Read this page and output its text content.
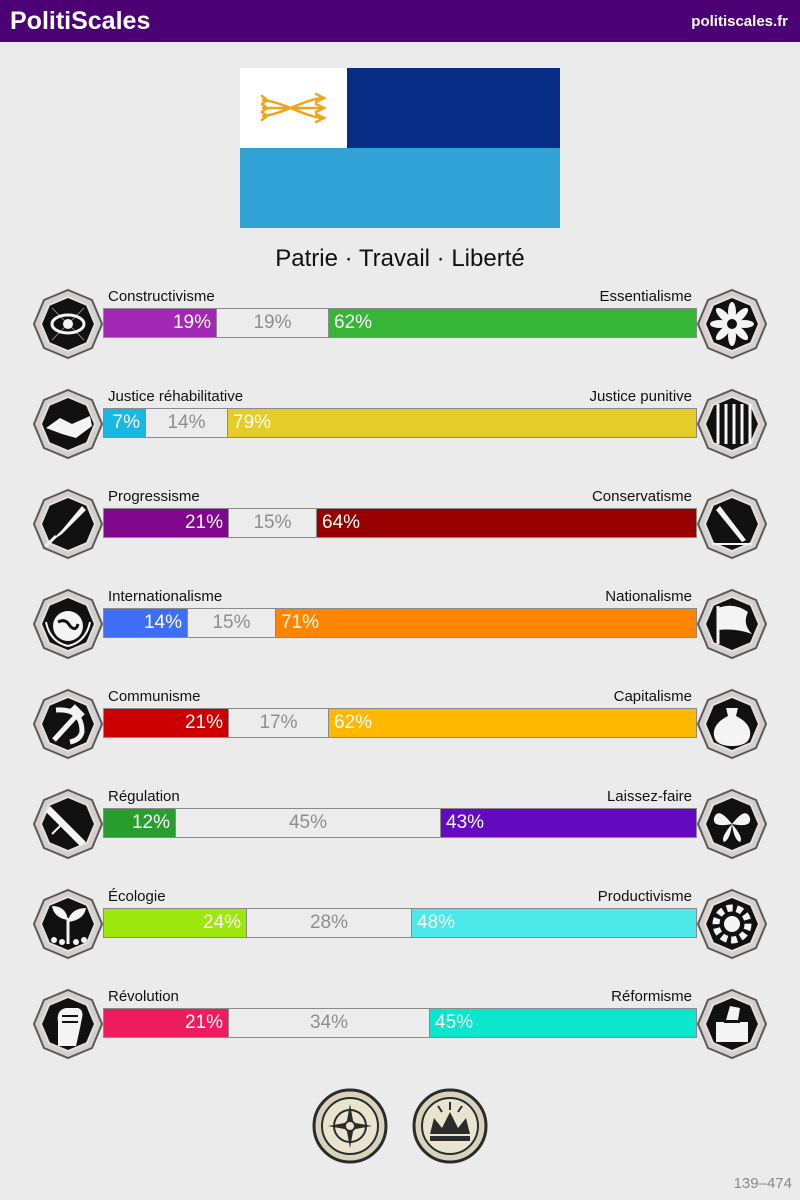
PolitiScales	politiscales.fr
Patrie · Travail · Liberté
Constructivisme	Essentialisme
19%	19%	62%
Justice réhabilitative	Justice punitive
7%	14%	79%
Progressisme	Conservatisme
21%	15%	64%
Internationalisme	Nationalisme
14%	15%	71%
Communisme	Capitalisme
21%	17%	62%
Régulation	Laissez-faire
12%	45%	43%
Écologie	Productivisme
24%	28%	48%
Révolution	Réformisme
21%	34%	45%
139–474
